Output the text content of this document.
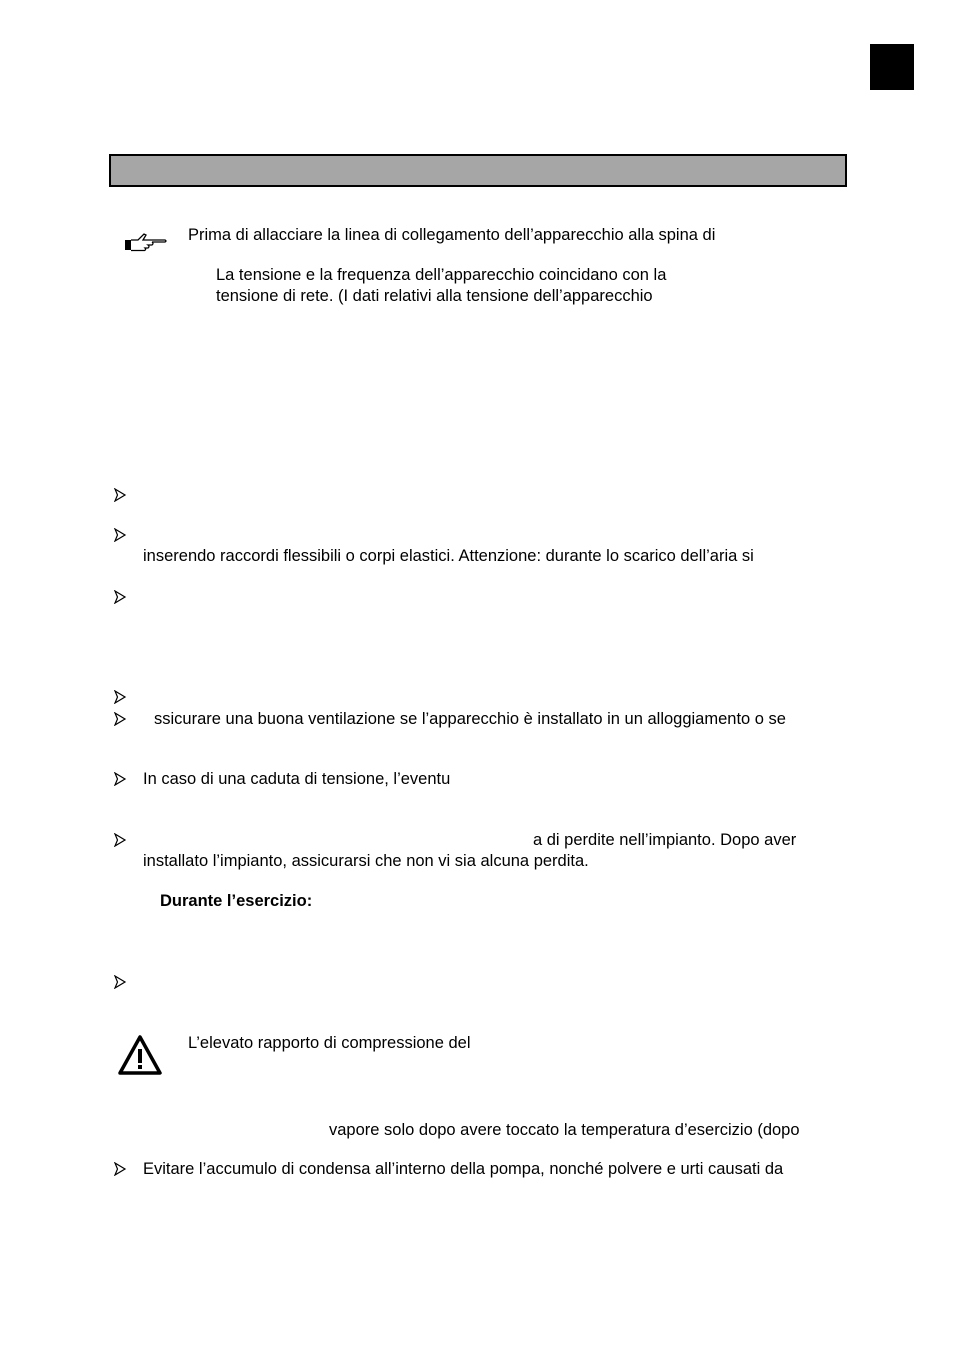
Prima di allacciare la linea di collegamento dell’apparecchio alla spina di
La tensione e la frequenza dell’apparecchio coincidano con la
tensione di rete. (I dati relativi alla tensione dell’apparecchio
inserendo raccordi flessibili o corpi elastici. Attenzione: durante lo scarico dell’aria si
ssicurare una buona ventilazione se l’apparecchio è installato in un alloggiamento o se
In caso di una caduta di tensione, l’eventu
a di perdite nell’impianto. Dopo aver
installato l’impianto, assicurarsi che non vi sia alcuna perdita.
Durante l’esercizio:
L’elevato rapporto di compressione del
vapore solo dopo avere toccato la temperatura d’esercizio (dopo
Evitare l’accumulo di condensa all’interno della pompa, nonché polvere e urti causati da
